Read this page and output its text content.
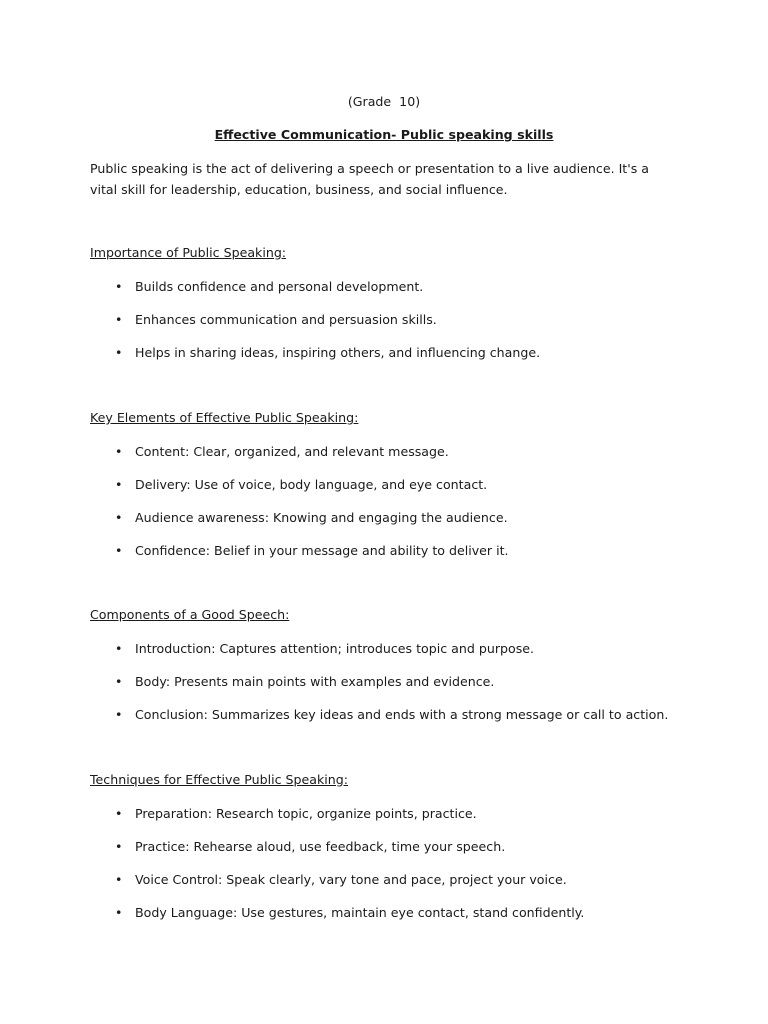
(Grade  10)
Effective Communication- Public speaking skills
Public speaking is the act of delivering a speech or presentation to a live audience. It's a vital skill for leadership, education, business, and social influence.
Importance of Public Speaking:
• Builds confidence and personal development.
• Enhances communication and persuasion skills.
• Helps in sharing ideas, inspiring others, and influencing change.
Key Elements of Effective Public Speaking:
• Content: Clear, organized, and relevant message.
• Delivery: Use of voice, body language, and eye contact.
• Audience awareness: Knowing and engaging the audience.
• Confidence: Belief in your message and ability to deliver it.
Components of a Good Speech:
• Introduction: Captures attention; introduces topic and purpose.
• Body: Presents main points with examples and evidence.
• Conclusion: Summarizes key ideas and ends with a strong message or call to action.
Techniques for Effective Public Speaking:
• Preparation: Research topic, organize points, practice.
• Practice: Rehearse aloud, use feedback, time your speech.
• Voice Control: Speak clearly, vary tone and pace, project your voice.
• Body Language: Use gestures, maintain eye contact, stand confidently.
